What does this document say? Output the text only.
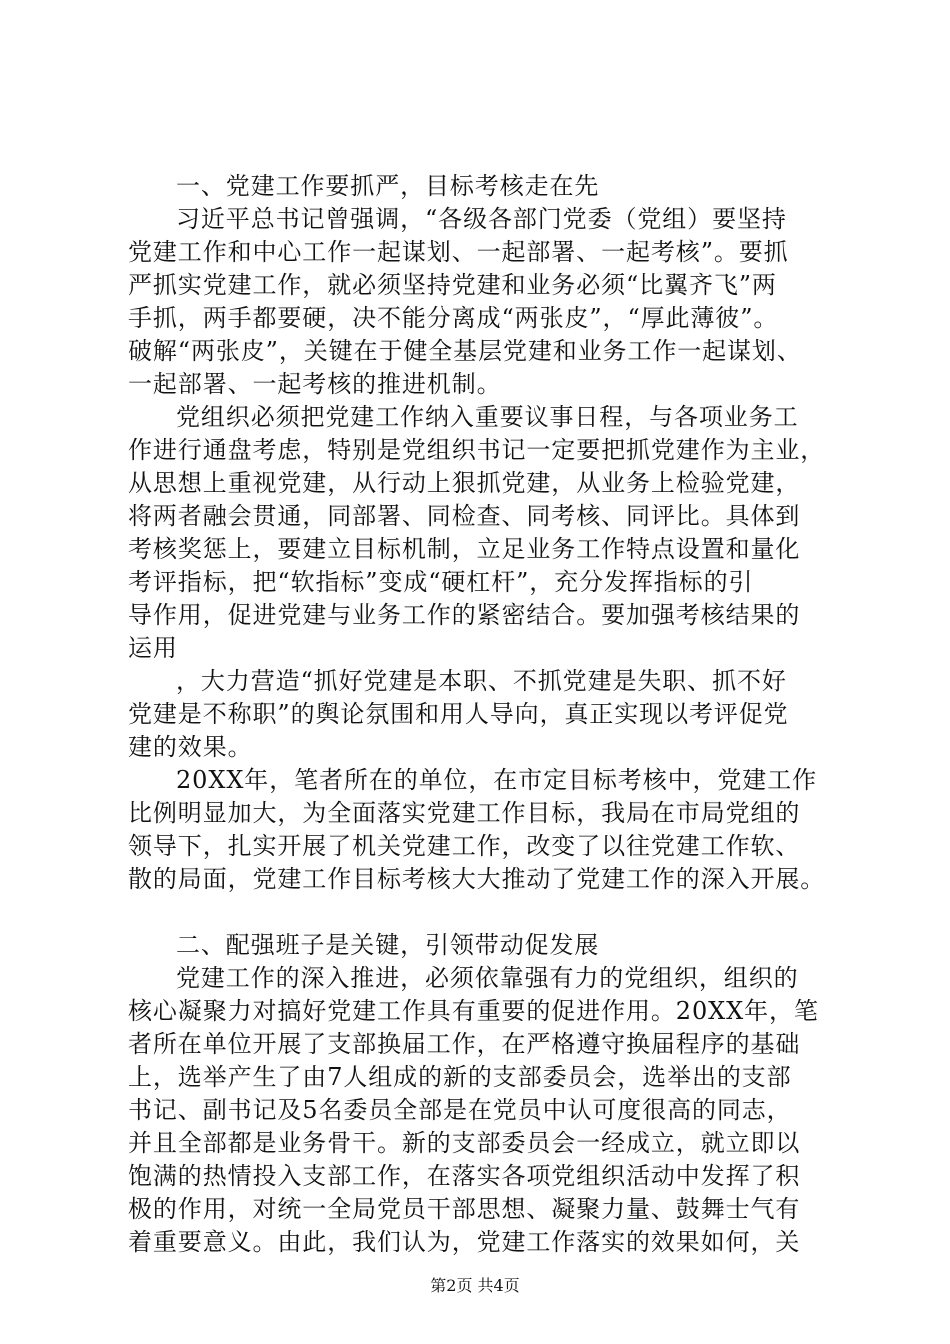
一、党建工作要抓严，目标考核走在先
习近平总书记曾强调，“各级各部门党委（党组）要坚持
党建工作和中心工作一起谋划、一起部署、一起考核”。要抓
严抓实党建工作，就必须坚持党建和业务必须“比翼齐飞”两
手抓，两手都要硬，决不能分离成“两张皮”，“厚此薄彼”。
破解“两张皮”，关键在于健全基层党建和业务工作一起谋划、
一起部署、一起考核的推进机制。
党组织必须把党建工作纳入重要议事日程，与各项业务工
作进行通盘考虑，特别是党组织书记一定要把抓党建作为主业，
从思想上重视党建，从行动上狠抓党建，从业务上检验党建，
将两者融会贯通，同部署、同检查、同考核、同评比。具体到
考核奖惩上，要建立目标机制，立足业务工作特点设置和量化
考评指标，把“软指标”变成“硬杠杆”，充分发挥指标的引
导作用，促进党建与业务工作的紧密结合。要加强考核结果的
运用
，大力营造“抓好党建是本职、不抓党建是失职、抓不好
党建是不称职”的舆论氛围和用人导向，真正实现以考评促党
建的效果。
20XX年，笔者所在的单位，在市定目标考核中，党建工作
比例明显加大，为全面落实党建工作目标，我局在市局党组的
领导下，扎实开展了机关党建工作，改变了以往党建工作软、
散的局面，党建工作目标考核大大推动了党建工作的深入开展。
二、配强班子是关键，引领带动促发展
党建工作的深入推进，必须依靠强有力的党组织，组织的
核心凝聚力对搞好党建工作具有重要的促进作用。20XX年，笔
者所在单位开展了支部换届工作，在严格遵守换届程序的基础
上，选举产生了由7人组成的新的支部委员会，选举出的支部
书记、副书记及5名委员全部是在党员中认可度很高的同志，
并且全部都是业务骨干。新的支部委员会一经成立，就立即以
饱满的热情投入支部工作，在落实各项党组织活动中发挥了积
极的作用，对统一全局党员干部思想、凝聚力量、鼓舞士气有
着重要意义。由此，我们认为，党建工作落实的效果如何，关
第2页 共4页
